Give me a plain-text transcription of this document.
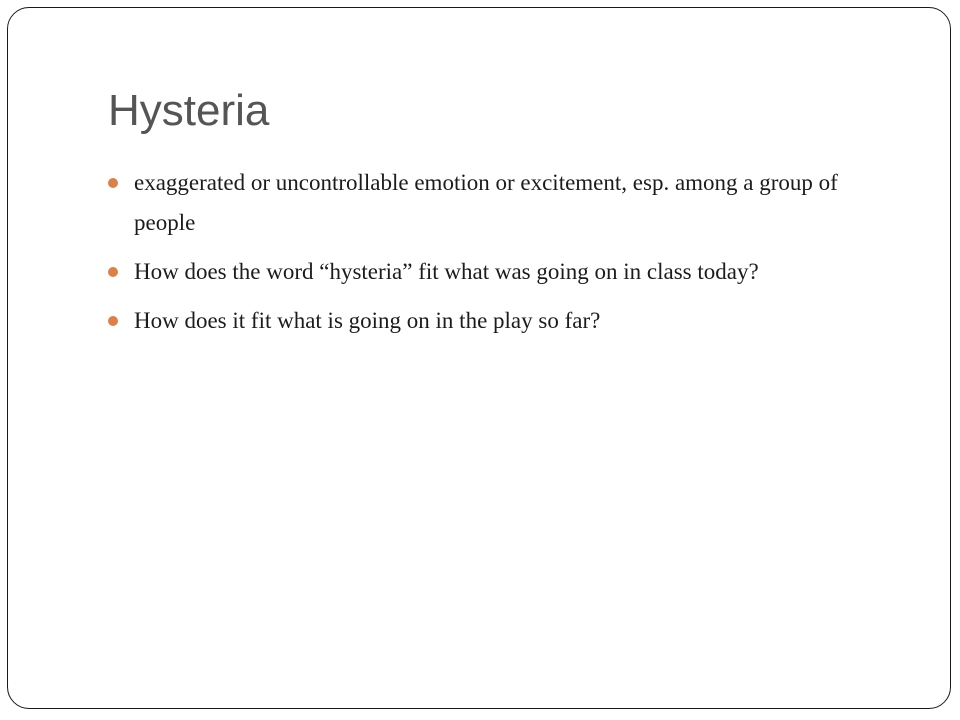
Hysteria
exaggerated or uncontrollable emotion or excitement, esp. among a group of people
How does the word “hysteria” fit what was going on in class today?
How does it fit what is going on in the play so far?
